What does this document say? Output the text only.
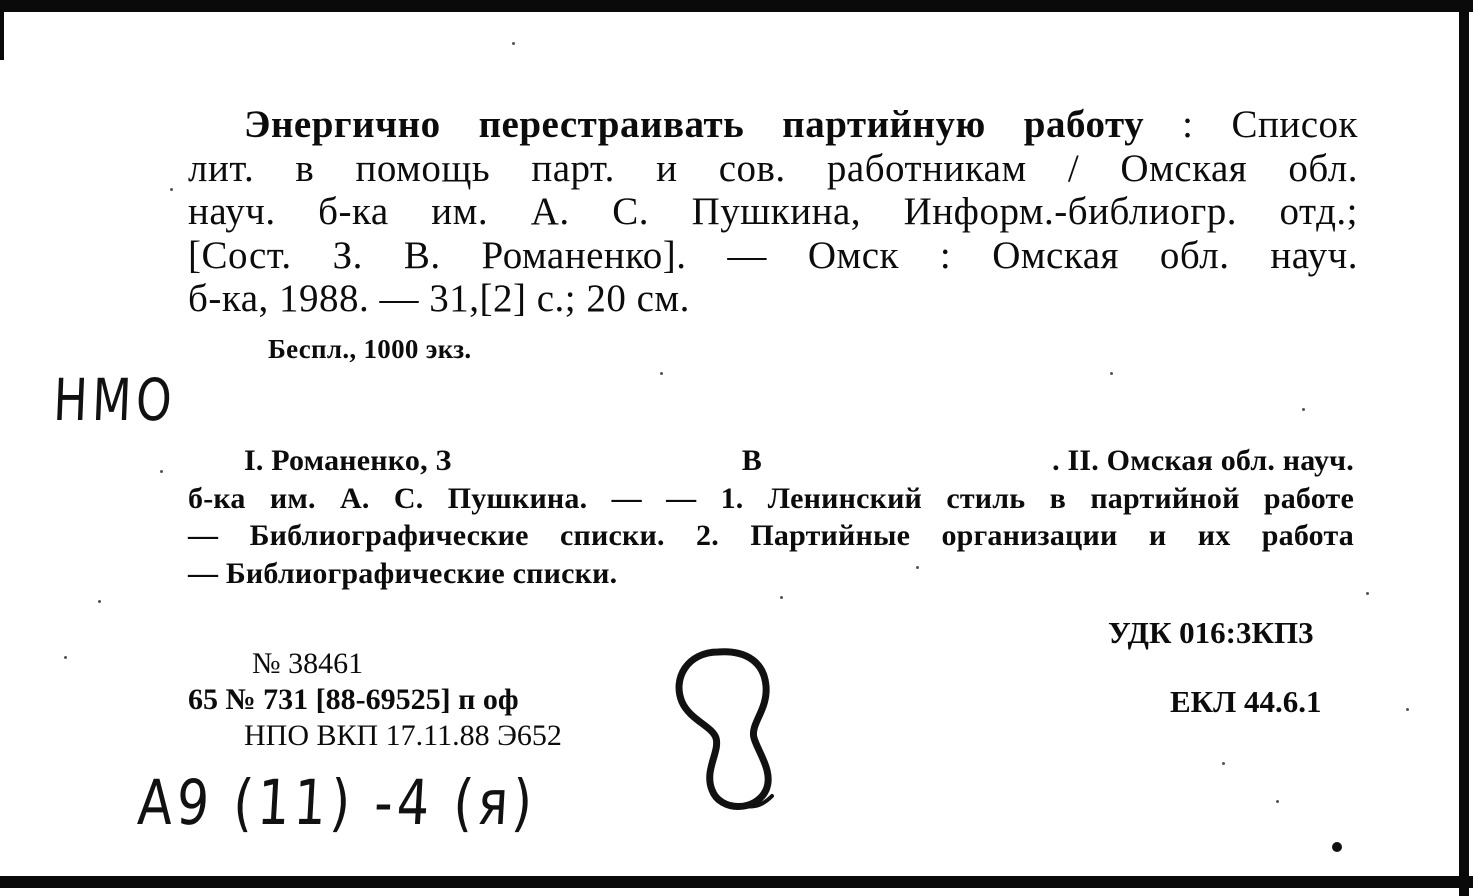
Энергично перестраивать партийную работу : Список
лит. в помощь парт. и сов. работникам / Омская обл.
науч. б-ка им. А. С. Пушкина, Информ.-библиогр. отд.;
[Сост. З. В. Романенко]. — Омск : Омская обл. науч.
б-ка, 1988. — 31,[2] с.; 20 см.
Беспл., 1000 экз.
НМО
I. Романенко, З	В	. II. Омская обл. науч.
б-ка им. А. С. Пушкина. — — 1. Ленинский стиль в партийной работе
— Библиографические списки. 2. Партийные организации и их работа
— Библиографические списки.
№ 38461
65 № 731 [88-69525] п оф
НПО ВКП 17.11.88 Э652
УДК 016:3КП3
ЕКЛ 44.6.1
А9 (11) -4 (я)
